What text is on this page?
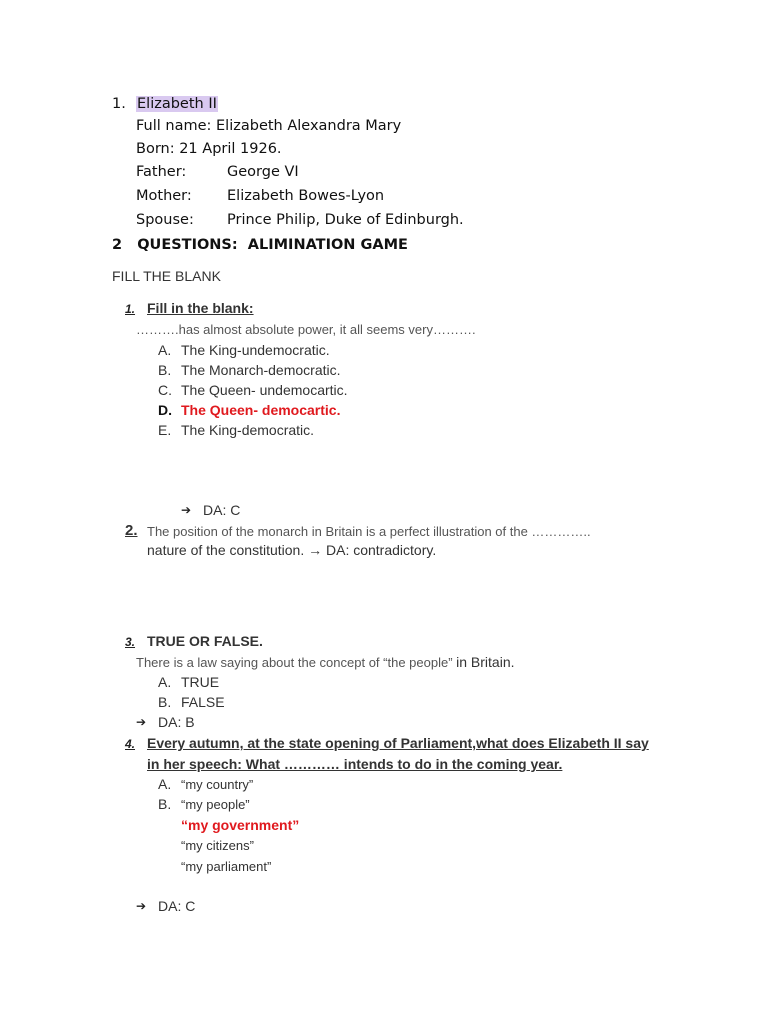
1. Elizabeth II
Full name: Elizabeth Alexandra Mary
Born: 21 April 1926.
Father:	George VI
Mother: Elizabeth Bowes-Lyon
Spouse: Prince Philip, Duke of Edinburgh.
2   QUESTIONS:  ALIMINATION GAME
FILL THE BLANK
1. Fill in the blank:
……….has almost absolute power, it all seems very……….
A. The King-undemocratic.
B. The Monarch-democratic.
C. The Queen- undemocartic.
D. The Queen- democartic.
E. The King-democratic.
➔ DA: C
2. The position of the monarch in Britain is a perfect illustration of the …………..
nature of the constitution. → DA: contradictory.
3. TRUE OR FALSE.
There is a law saying about the concept of “the people” in Britain.
A. TRUE
B. FALSE
➔ DA: B
4. Every autumn, at the state opening of Parliament,what does Elizabeth II say
in her speech: What ………… intends to do in the coming year.
A. “my country”
B. “my people”
“my government”
“my citizens”
“my parliament”
➔ DA: C
